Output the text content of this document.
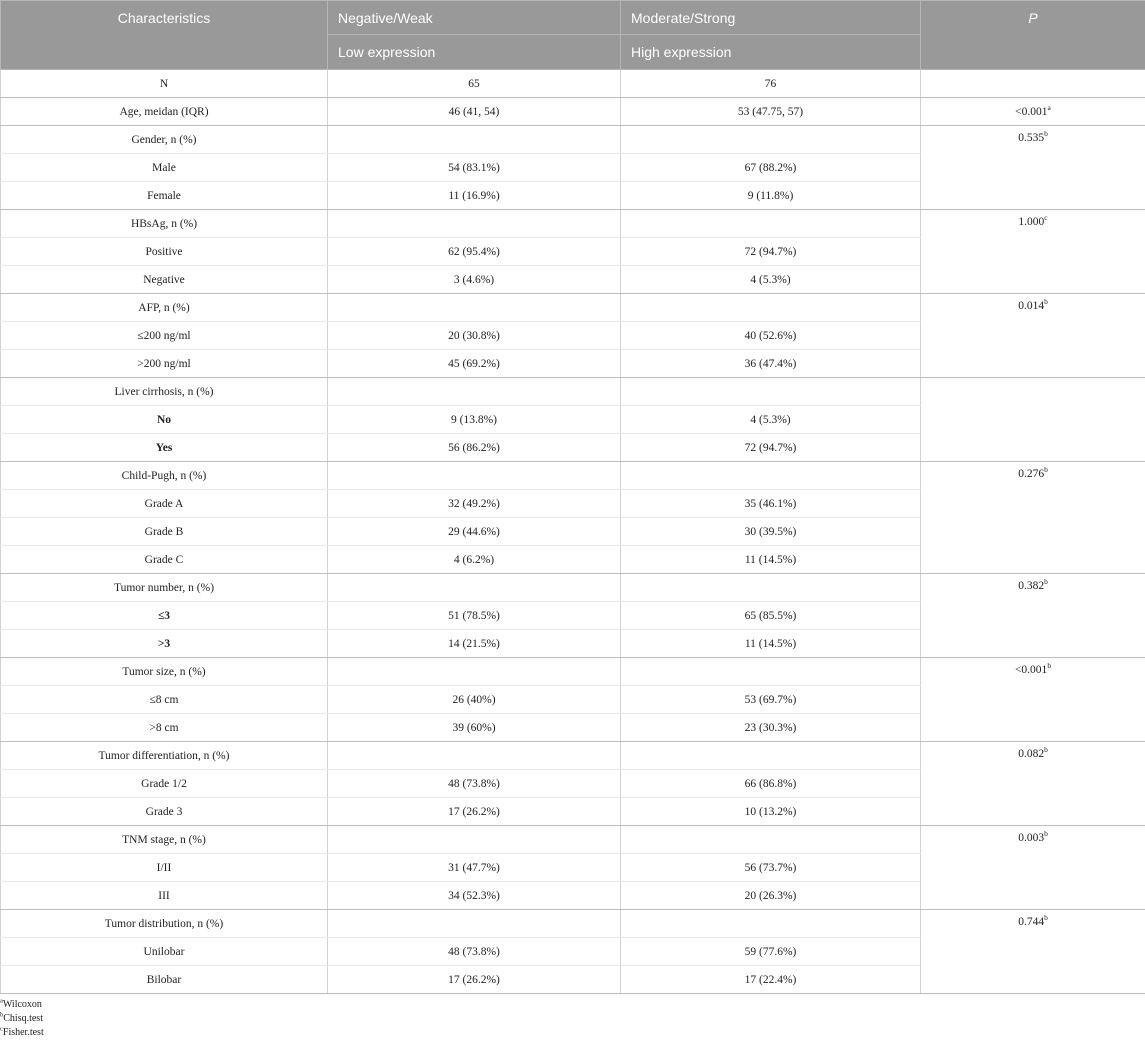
Characteristics	Negative/Weak	Moderate/Strong	P
	Low expression	High expression	
N	65	76	
Age, meidan (IQR)	46 (41, 54)	53 (47.75, 57)	<0.001$^a$
Gender, n (%)			0.535$^b$
Male	54 (83.1%)	67 (88.2%)	
Female	11 (16.9%)	9 (11.8%)	
HBsAg, n (%)			1.000$^c$
Positive	62 (95.4%)	72 (94.7%)	
Negative	3 (4.6%)	4 (5.3%)	
AFP, n (%)			0.014$^b$
≤200 ng/ml	20 (30.8%)	40 (52.6%)	
>200 ng/ml	45 (69.2%)	36 (47.4%)	
Liver cirrhosis, n (%)			
No	9 (13.8%)	4 (5.3%)	
Yes	56 (86.2%)	72 (94.7%)	
Child-Pugh, n (%)			0.276$^b$
Grade A	32 (49.2%)	35 (46.1%)	
Grade B	29 (44.6%)	30 (39.5%)	
Grade C	4 (6.2%)	11 (14.5%)	
Tumor number, n (%)			0.382$^b$
≤3	51 (78.5%)	65 (85.5%)	
>3	14 (21.5%)	11 (14.5%)	
Tumor size, n (%)			<0.001$^b$
≤8 cm	26 (40%)	53 (69.7%)	
>8 cm	39 (60%)	23 (30.3%)	
Tumor differentiation, n (%)			0.082$^b$
Grade 1/2	48 (73.8%)	66 (86.8%)	
Grade 3	17 (26.2%)	10 (13.2%)	
TNM stage, n (%)			0.003$^b$
I/II	31 (47.7%)	56 (73.7%)	
III	34 (52.3%)	20 (26.3%)	
Tumor distribution, n (%)			0.744$^b$
Unilobar	48 (73.8%)	59 (77.6%)	
Bilobar	17 (26.2%)	17 (22.4%)	
$^a$Wilcoxon
$^b$Chisq.test
$^c$Fisher.test
